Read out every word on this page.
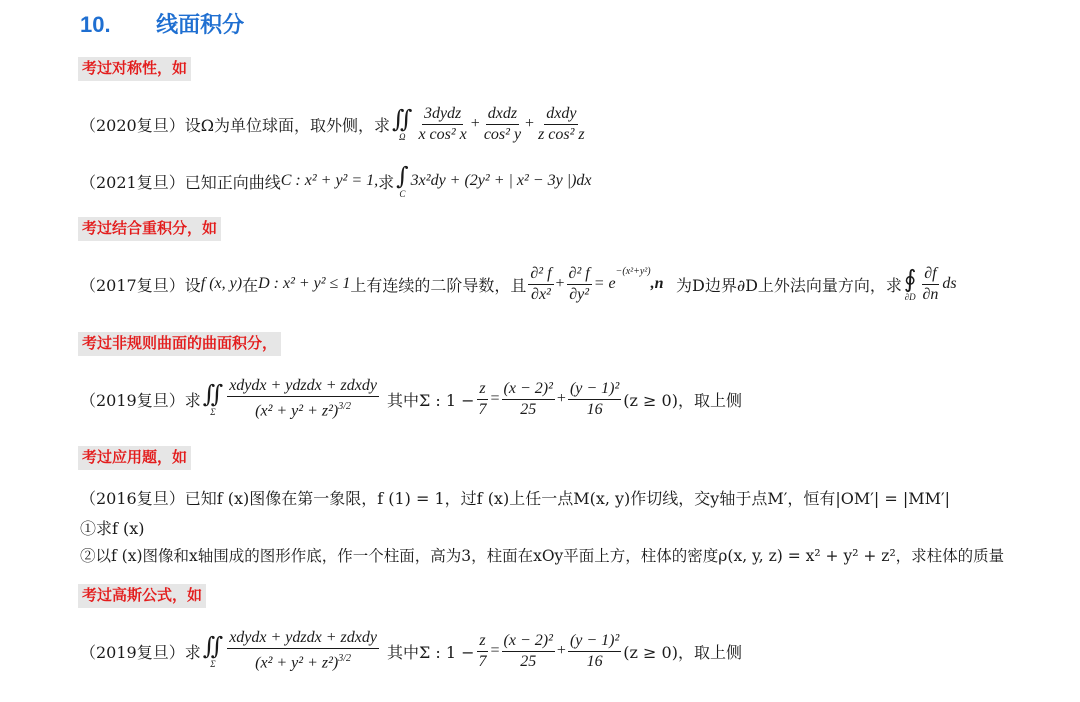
10. 线面积分
考过对称性，如
（2020复旦） 设Ω为单位球面，取外侧，求 ∬
Ω $\frac{\text{3dydz}}{\text{x cos² x}} + \frac{\text{dxdz}}{\text{cos² y}} + \frac{\text{dxdy}}{\text{z cos² z}}$
（2021复旦） 已知正向曲线 C : x² + y² = 1, 求 ∫
C
3x²dy + (2y² + | x² − 3y |)dx
考过结合重积分，如
（2017复旦） 设 f (x, y) 在 D : x² + y² ≤ 1 上有连续的二阶导数，且 $\frac{\text{∂² f}}{\text{∂x²}} + \frac{\text{∂² f}}{\text{∂y²}} = e$
−(x²+y²)
,n⃗ 为D边界∂D上外法向量方向，求 ∮
$\partial D \frac{\partial f}{\partial n}$ ds
考过非规则曲面的曲面积分，
（2019复旦） 求 ∬
Σ $\frac{\text{xdydx + ydzdx + zdxdy}}{(x^2 + y^2 + z^2)^{3/2}}$ 其中Σ : $1 - \frac{z}{7} = \frac{\text{(x − 2)²}}{25} + \frac{\text{(y − 1)²}}{16} (z \ge 0)$，取上侧
考过应用题，如
（2016复旦） 已知f (x)图像在第一象限，f (1) = 1，过f (x)上任一点M(x, y)作切线，交y轴于点M′，恒有|OM′| = |MM′|
①求f (x)
②以f (x)图像和x轴围成的图形作底，作一个柱面，高为3，柱面在xOy平面上方，柱体的密度ρ(x, y, z) = x² + y² + z²，求柱体的质量
考过高斯公式，如
（2019复旦） 求 ∬
Σ $\frac{\text{xdydx + ydzdx + zdxdy}}{(x^2 + y^2 + z^2)^{3/2}}$ 其中Σ : $1 - \frac{z}{7} = \frac{\text{(x − 2)²}}{25} + \frac{\text{(y − 1)²}}{16} (z \ge 0)$，取上侧
